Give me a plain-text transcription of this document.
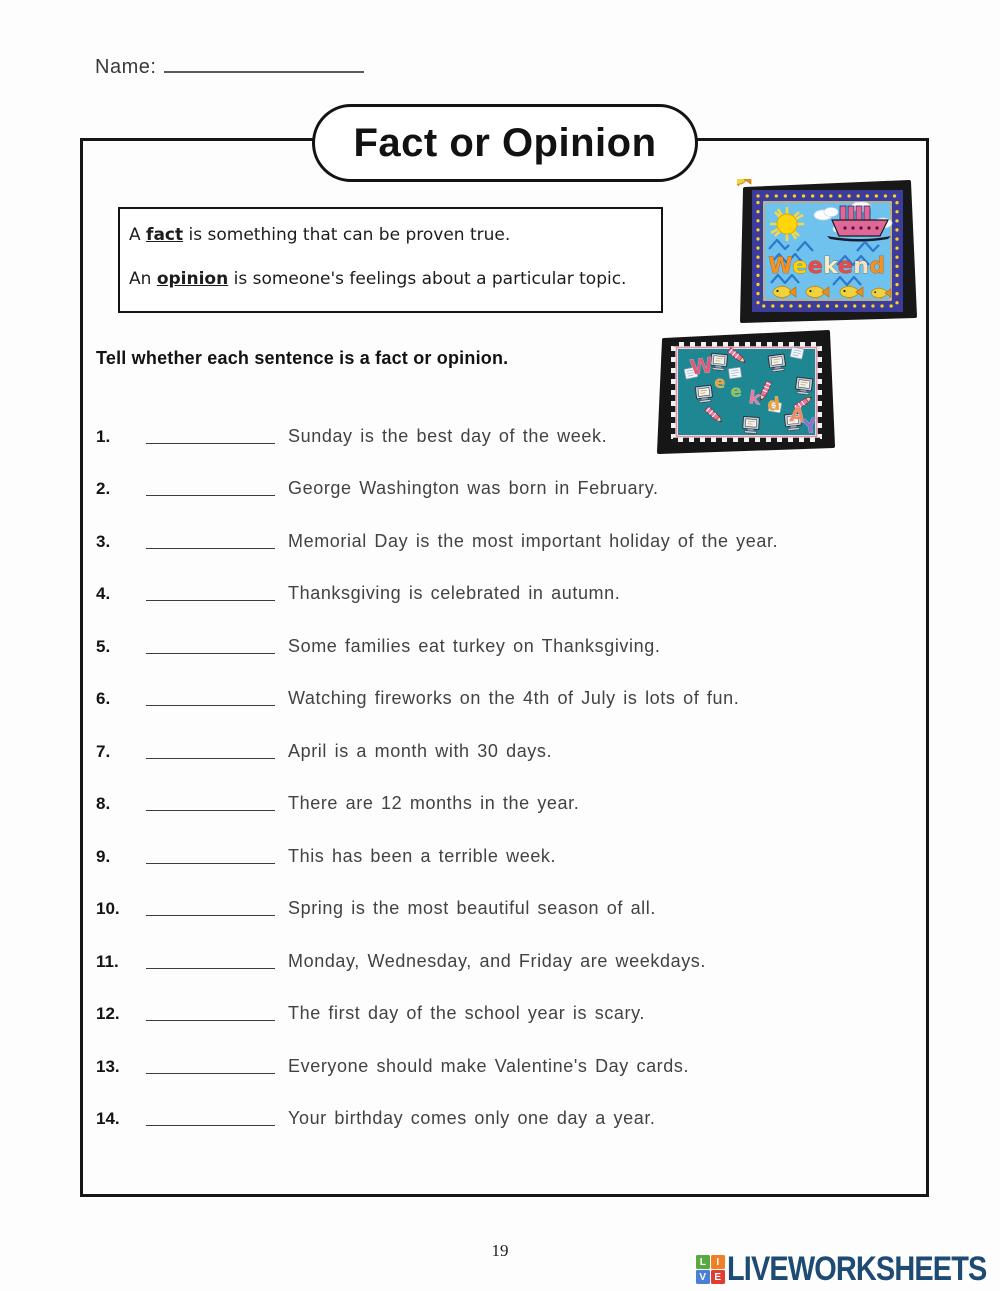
Name:
Fact or Opinion

A fact is something that can be proven true.

An opinion is someone's feelings about a particular topic.	Weekend
W
e e k d A
Y
Tell whether each sentence is a fact or opinion.
1.	Sunday is the best day of the week.
2.	George Washington was born in February.
3.	Memorial Day is the most important holiday of the year.
4.	Thanksgiving is celebrated in autumn.
5.	Some families eat turkey on Thanksgiving.
6.	Watching fireworks on the 4th of July is lots of fun.
7.	April is a month with 30 days.
8.	There are 12 months in the year.
9.	This has been a terrible week.
10.	Spring is the most beautiful season of all.
11.	Monday, Wednesday, and Friday are weekdays.
12.	The first day of the school year is scary.
13.	Everyone should make Valentine's Day cards.
14.	Your birthday comes only one day a year.
19
L	I
V E LIVEWORKSHEETS
